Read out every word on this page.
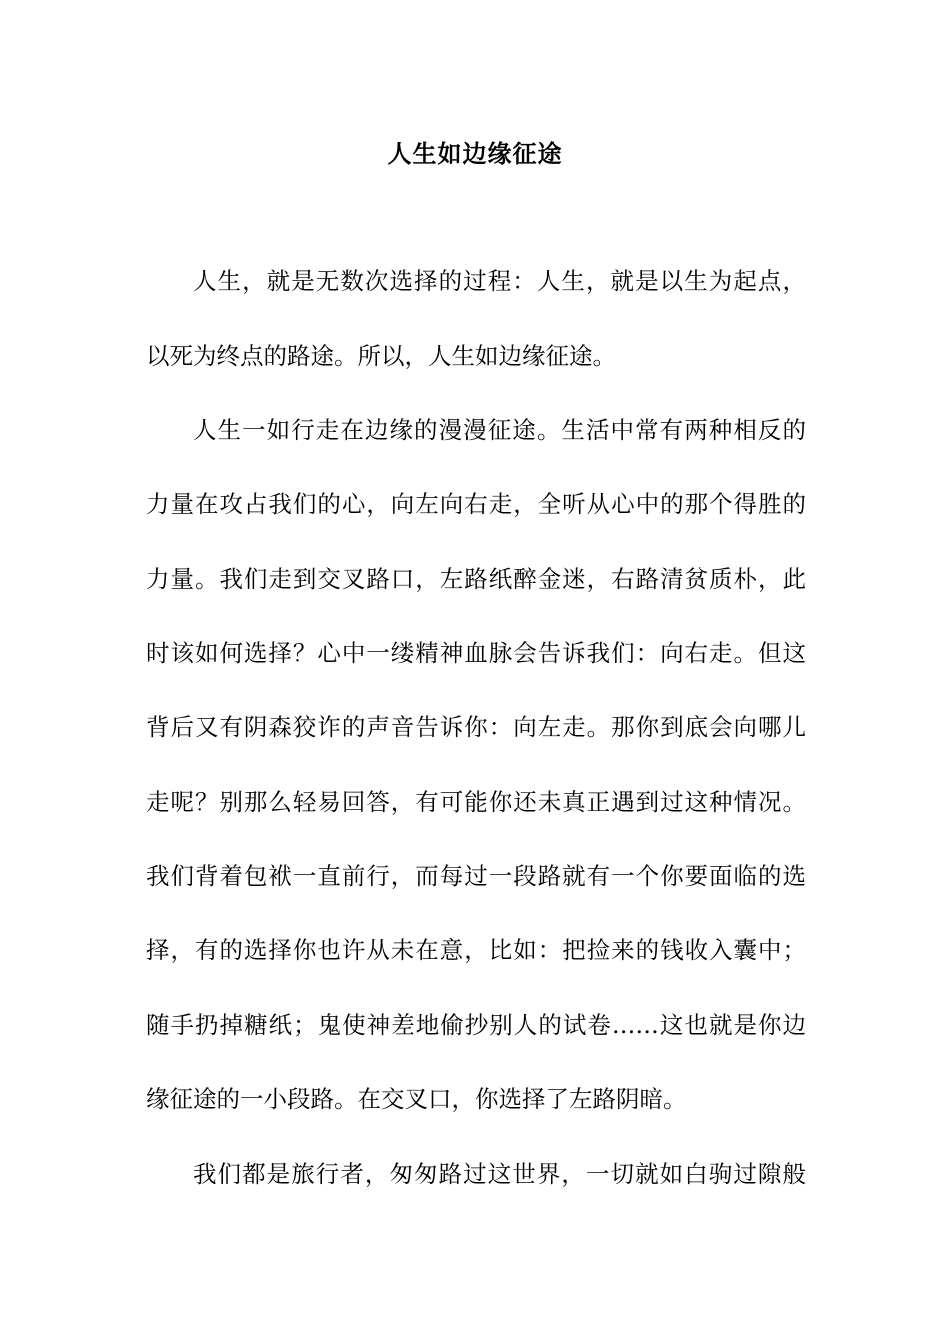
人生如边缘征途
人生，就是无数次选择的过程：人生，就是以生为起点，
以死为终点的路途。所以，人生如边缘征途。
人生一如行走在边缘的漫漫征途。生活中常有两种相反的
力量在攻占我们的心，向左向右走，全听从心中的那个得胜的
力量。我们走到交叉路口，左路纸醉金迷，右路清贫质朴，此
时该如何选择？心中一缕精神血脉会告诉我们：向右走。但这
背后又有阴森狡诈的声音告诉你：向左走。那你到底会向哪儿
走呢？别那么轻易回答，有可能你还未真正遇到过这种情况。
我们背着包袱一直前行，而每过一段路就有一个你要面临的选
择，有的选择你也许从未在意，比如：把捡来的钱收入囊中；
随手扔掉糖纸；鬼使神差地偷抄别人的试卷……这也就是你边
缘征途的一小段路。在交叉口，你选择了左路阴暗。
我们都是旅行者，匆匆路过这世界，一切就如白驹过隙般
